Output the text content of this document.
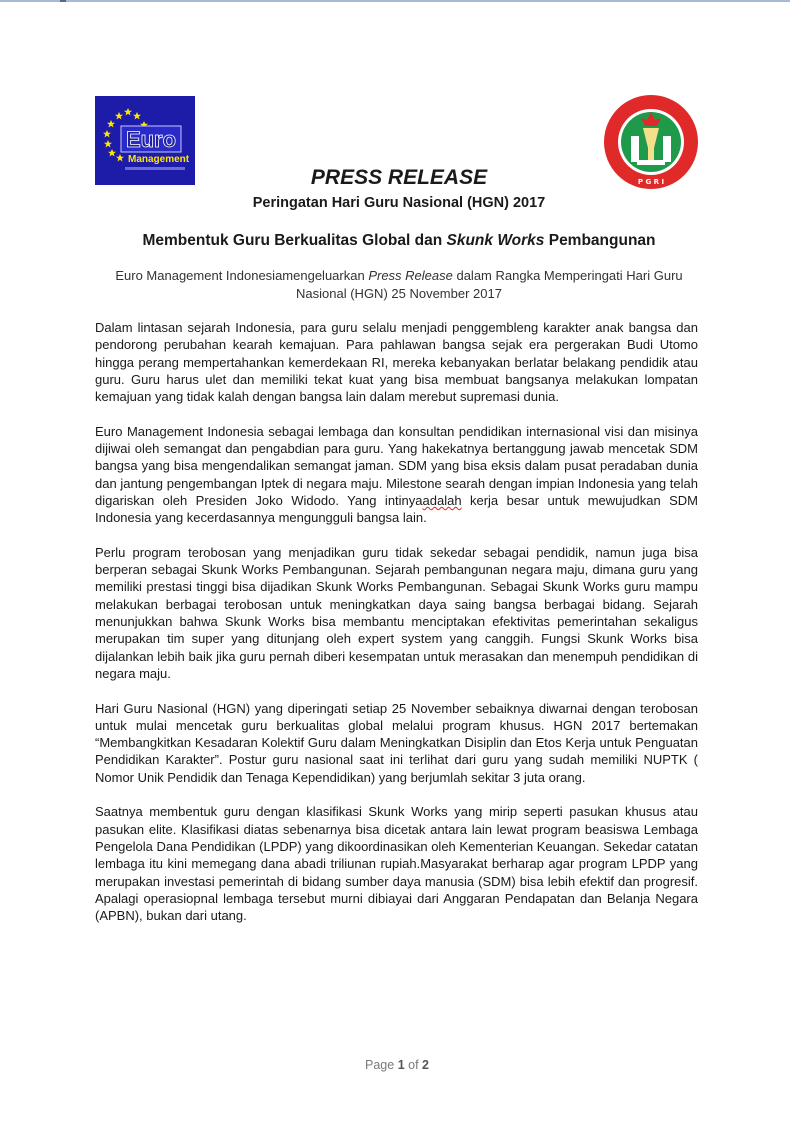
Euro
Management
P G R I
PRESS RELEASE
Peringatan Hari Guru Nasional (HGN) 2017
Membentuk Guru Berkualitas Global dan Skunk Works Pembangunan
Euro Management Indonesiamengeluarkan Press Release dalam Rangka Memperingati Hari Guru Nasional (HGN) 25 November 2017

Dalam lintasan sejarah Indonesia, para guru selalu menjadi penggembleng karakter anak bangsa dan pendorong perubahan kearah kemajuan. Para pahlawan bangsa sejak era pergerakan Budi Utomo hingga perang mempertahankan kemerdekaan RI, mereka kebanyakan berlatar belakang pendidik atau guru. Guru harus ulet dan memiliki tekat kuat yang bisa membuat bangsanya melakukan lompatan kemajuan yang tidak kalah dengan bangsa lain dalam merebut supremasi dunia.

Euro Management Indonesia sebagai lembaga dan konsultan pendidikan internasional visi dan misinya dijiwai oleh semangat dan pengabdian para guru. Yang hakekatnya bertanggung jawab mencetak SDM bangsa yang bisa mengendalikan semangat jaman. SDM yang bisa eksis dalam pusat peradaban dunia dan jantung pengembangan Iptek di negara maju. Milestone searah dengan impian Indonesia yang telah digariskan oleh Presiden Joko Widodo. Yang intinyaadalah kerja besar untuk mewujudkan SDM Indonesia yang kecerdasannya mengungguli bangsa lain.

Perlu program terobosan yang menjadikan guru tidak sekedar sebagai pendidik, namun juga bisa berperan sebagai Skunk Works Pembangunan. Sejarah pembangunan negara maju, dimana guru yang memiliki prestasi tinggi bisa dijadikan Skunk Works Pembangunan. Sebagai Skunk Works guru mampu melakukan berbagai terobosan untuk meningkatkan daya saing bangsa berbagai bidang. Sejarah menunjukkan bahwa Skunk Works bisa membantu menciptakan efektivitas pemerintahan sekaligus merupakan tim super yang ditunjang oleh expert system yang canggih. Fungsi Skunk Works bisa dijalankan lebih baik jika guru pernah diberi kesempatan untuk merasakan dan menempuh pendidikan di negara maju.

Hari Guru Nasional (HGN) yang diperingati setiap 25 November sebaiknya diwarnai dengan terobosan untuk mulai mencetak guru berkualitas global melalui program khusus. HGN 2017 bertemakan “Membangkitkan Kesadaran Kolektif Guru dalam Meningkatkan Disiplin dan Etos Kerja untuk Penguatan Pendidikan Karakter”. Postur guru nasional saat ini terlihat dari guru yang sudah memiliki NUPTK ( Nomor Unik Pendidik dan Tenaga Kependidikan) yang berjumlah sekitar 3 juta orang.

Saatnya membentuk guru dengan klasifikasi Skunk Works yang mirip seperti pasukan khusus atau pasukan elite. Klasifikasi diatas sebenarnya bisa dicetak antara lain lewat program beasiswa Lembaga Pengelola Dana Pendidikan (LPDP) yang dikoordinasikan oleh Kementerian Keuangan. Sekedar catatan lembaga itu kini memegang dana abadi triliunan rupiah.Masyarakat berharap agar program LPDP yang merupakan investasi pemerintah di bidang sumber daya manusia (SDM) bisa lebih efektif dan progresif. Apalagi operasiopnal lembaga tersebut murni dibiayai dari Anggaran Pendapatan dan Belanja Negara (APBN), bukan dari utang.

Page 1 of 2
